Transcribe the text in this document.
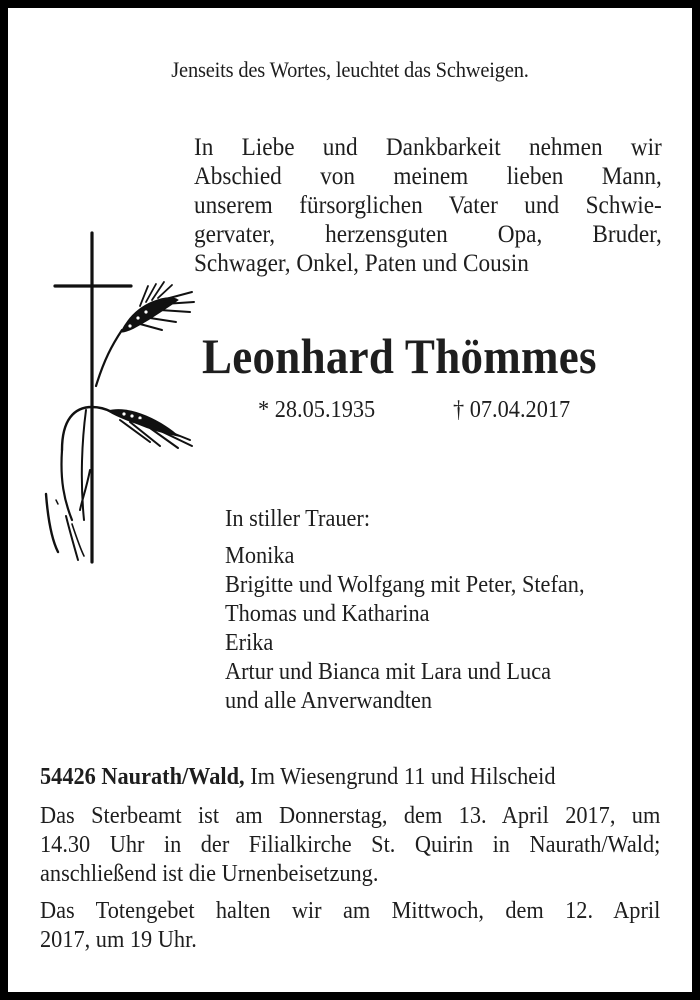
Jenseits des Wortes, leuchtet das Schweigen.
In Liebe und Dankbarkeit nehmen wir
Abschied von meinem lieben Mann,
unserem fürsorglichen Vater und Schwie-
gervater, herzensguten Opa, Bruder,
Schwager, Onkel, Paten und Cousin
Leonhard Thömmes
* 28.05.1935	† 07.04.2017
In stiller Trauer:
Monika
Brigitte und Wolfgang mit Peter, Stefan,
Thomas und Katharina
Erika
Artur und Bianca mit Lara und Luca
und alle Anverwandten
54426 Naurath/Wald, Im Wiesengrund 11 und Hilscheid
Das Sterbeamt ist am Donnerstag, dem 13. April 2017, um
14.30 Uhr in der Filialkirche St. Quirin in Naurath/Wald;
anschließend ist die Urnenbeisetzung.
Das Totengebet halten wir am Mittwoch, dem 12. April
2017, um 19 Uhr.
